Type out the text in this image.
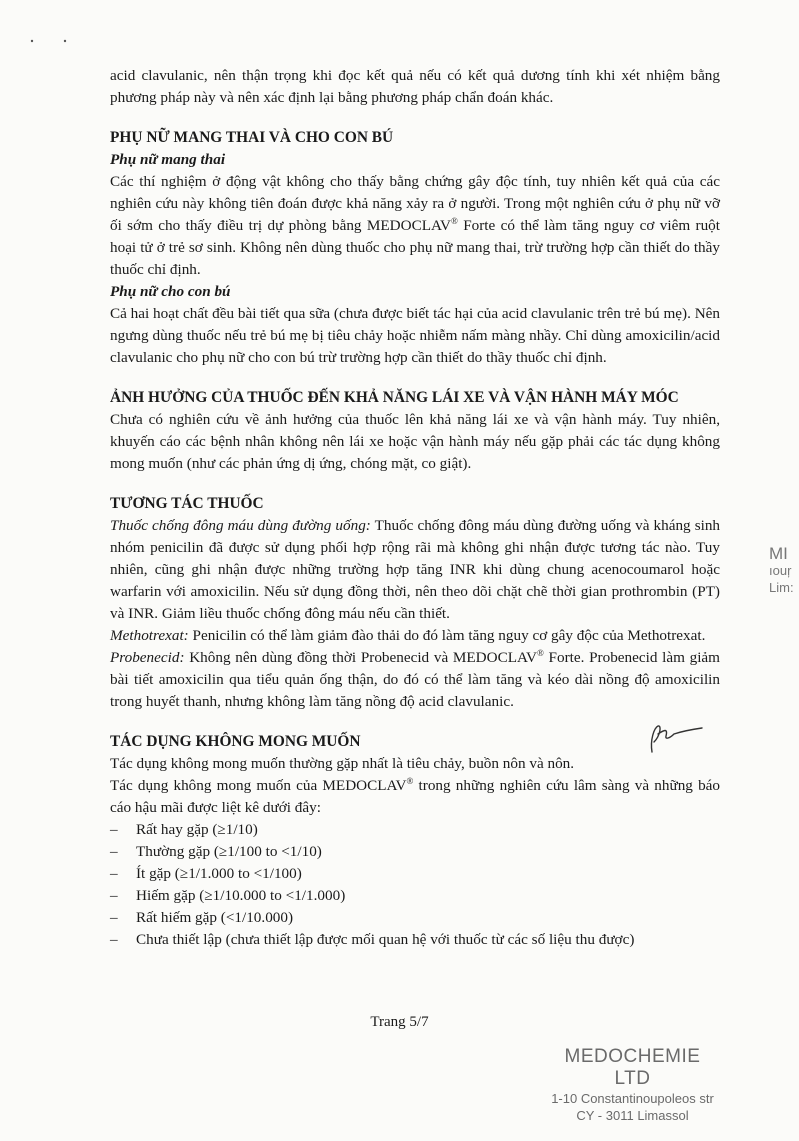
acid clavulanic, nên thận trọng khi đọc kết quả nếu có kết quả dương tính khi xét nhiệm bằng phương pháp này và nên xác định lại bằng phương pháp chẩn đoán khác.

PHỤ NỮ MANG THAI VÀ CHO CON BÚ
Phụ nữ mang thai

Các thí nghiệm ở động vật không cho thấy bằng chứng gây độc tính, tuy nhiên kết quả của các nghiên cứu này không tiên đoán được khả năng xảy ra ở người. Trong một nghiên cứu ở phụ nữ vỡ ối sớm cho thấy điều trị dự phòng bằng MEDOCLAV® Forte có thể làm tăng nguy cơ viêm ruột hoại tử ở trẻ sơ sinh. Không nên dùng thuốc cho phụ nữ mang thai, trừ trường hợp cần thiết do thầy thuốc chỉ định.

Phụ nữ cho con bú

Cả hai hoạt chất đều bài tiết qua sữa (chưa được biết tác hại của acid clavulanic trên trẻ bú mẹ). Nên ngưng dùng thuốc nếu trẻ bú mẹ bị tiêu chảy hoặc nhiễm nấm màng nhầy. Chỉ dùng amoxicilin/acid clavulanic cho phụ nữ cho con bú trừ trường hợp cần thiết do thầy thuốc chỉ định.

ẢNH HƯỞNG CỦA THUỐC ĐẾN KHẢ NĂNG LÁI XE VÀ VẬN HÀNH MÁY MÓC

Chưa có nghiên cứu về ảnh hưởng của thuốc lên khả năng lái xe và vận hành máy. Tuy nhiên, khuyến cáo các bệnh nhân không nên lái xe hoặc vận hành máy nếu gặp phải các tác dụng không mong muốn (như các phản ứng dị ứng, chóng mặt, co giật).

TƯƠNG TÁC THUỐC

Thuốc chống đông máu dùng đường uống: Thuốc chống đông máu dùng đường uống và kháng sinh nhóm penicilin đã được sử dụng phối hợp rộng rãi mà không ghi nhận được tương tác nào. Tuy nhiên, cũng ghi nhận được những trường hợp tăng INR khi dùng chung acenocoumarol hoặc warfarin với amoxicilin. Nếu sử dụng đồng thời, nên theo dõi chặt chẽ thời gian prothrombin (PT) và INR. Giảm liều thuốc chống đông máu nếu cần thiết.

Methotrexat: Penicilin có thể làm giảm đào thải do đó làm tăng nguy cơ gây độc của Methotrexat.

Probenecid: Không nên dùng đồng thời Probenecid và MEDOCLAV® Forte. Probenecid làm giảm bài tiết amoxicilin qua tiểu quản ống thận, do đó có thể làm tăng và kéo dài nồng độ amoxicilin trong huyết thanh, nhưng không làm tăng nồng độ acid clavulanic.

TÁC DỤNG KHÔNG MONG MUỐN

Tác dụng không mong muốn thường gặp nhất là tiêu chảy, buồn nôn và nôn.

Tác dụng không mong muốn của MEDOCLAV® trong những nghiên cứu lâm sàng và những báo cáo hậu mãi được liệt kê dưới đây:

–	Rất hay gặp (≥1/10)
–	Thường gặp (≥1/100 to <1/10)
–	Ít gặp (≥1/1.000 to <1/100)
–	Hiếm gặp (≥1/10.000 to <1/1.000)
–	Rất hiếm gặp (<1/10.000)
–	Chưa thiết lập (chưa thiết lập được mối quan hệ với thuốc từ các số liệu thu được)
Trang 5/7
MEDOCHEMIE LTD
1-10 Constantinoupoleos str
CY - 3011 Limassol
MI
ıouŗ
Lim:
